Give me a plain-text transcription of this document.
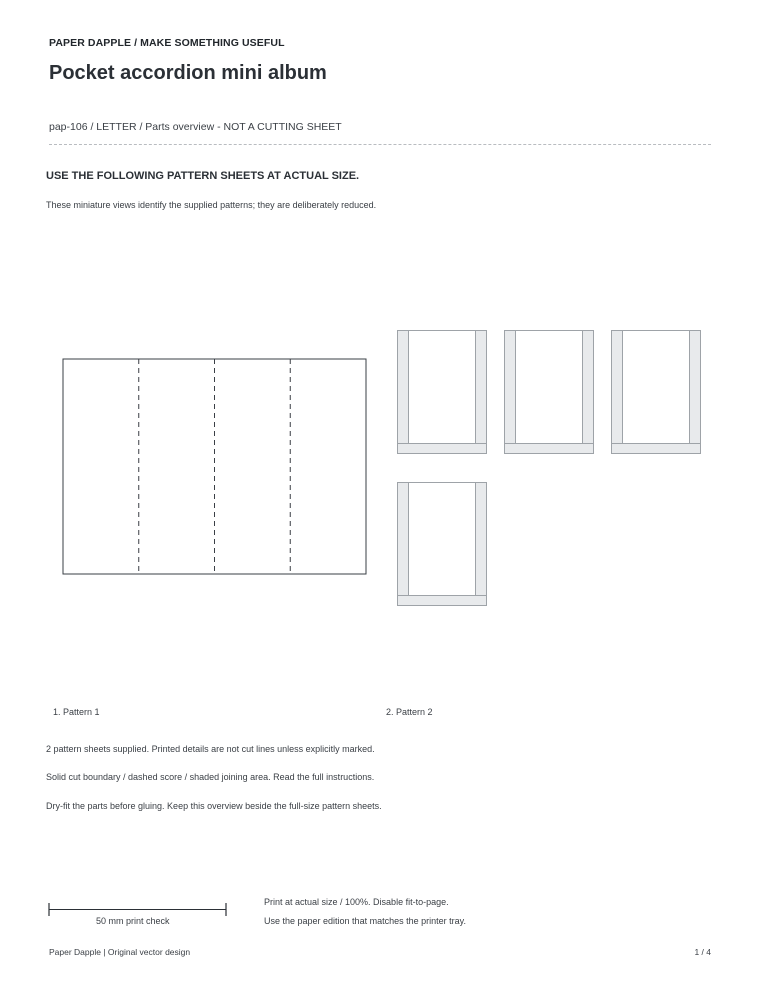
PAPER DAPPLE / MAKE SOMETHING USEFUL
Pocket accordion mini album
pap-106 / LETTER / Parts overview - NOT A CUTTING SHEET
USE THE FOLLOWING PATTERN SHEETS AT ACTUAL SIZE.
These miniature views identify the supplied patterns; they are deliberately reduced.
1. Pattern 1	2. Pattern 2
2 pattern sheets supplied. Printed details are not cut lines unless explicitly marked.
Solid cut boundary / dashed score / shaded joining area. Read the full instructions.
Dry-fit the parts before gluing. Keep this overview beside the full-size pattern sheets.
50 mm print check
Print at actual size / 100%. Disable fit-to-page.
Use the paper edition that matches the printer tray.
Paper Dapple | Original vector design	1 / 4
